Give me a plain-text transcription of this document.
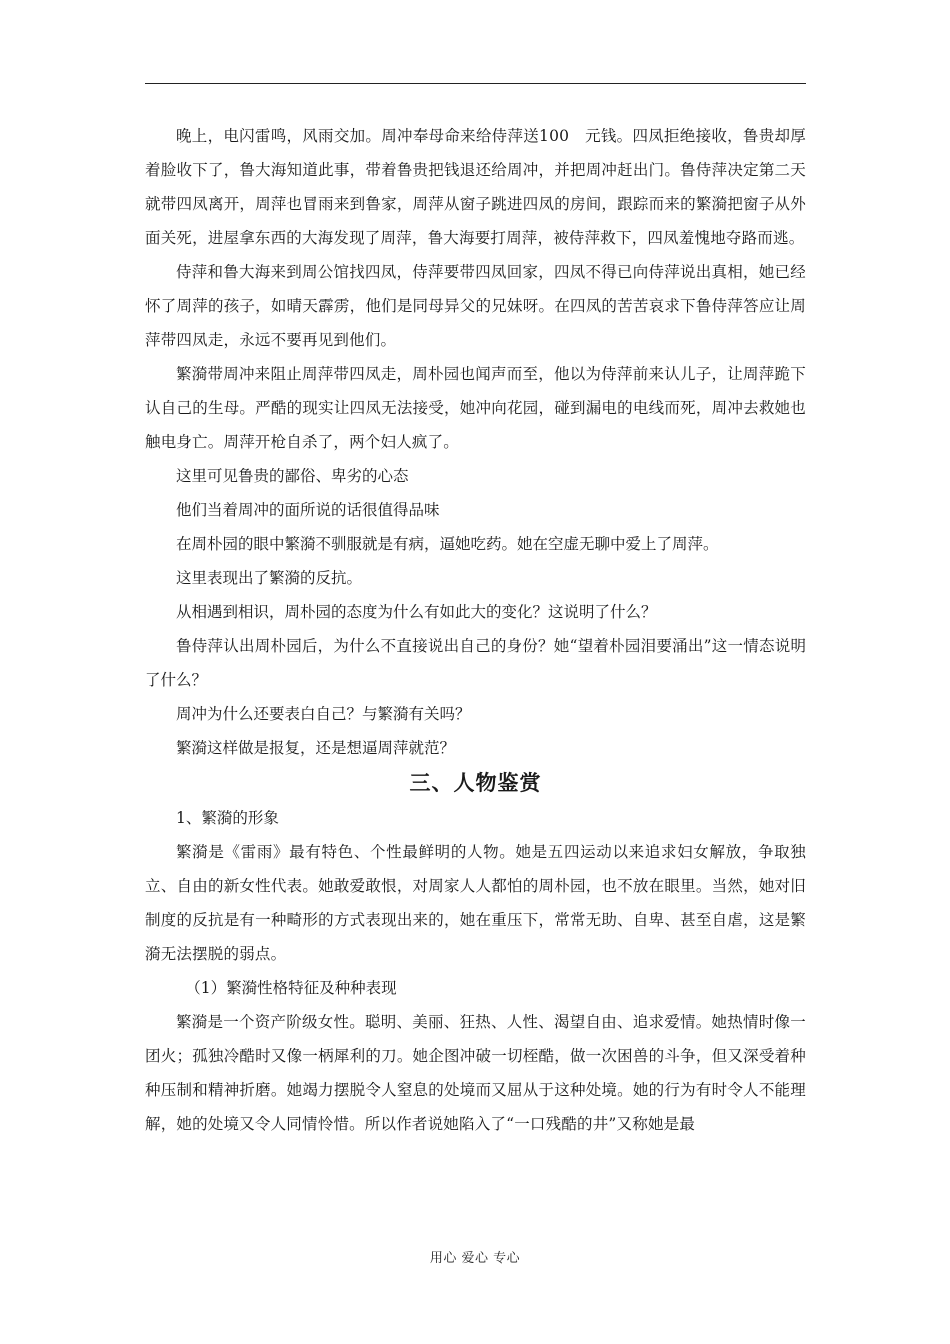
晚上，电闪雷鸣，风雨交加。周冲奉母命来给侍萍送100　元钱。四凤拒绝接收，鲁贵却厚着脸收下了，鲁大海知道此事，带着鲁贵把钱退还给周冲，并把周冲赶出门。鲁侍萍决定第二天就带四凤离开，周萍也冒雨来到鲁家，周萍从窗子跳进四凤的房间，跟踪而来的繁漪把窗子从外面关死，进屋拿东西的大海发现了周萍，鲁大海要打周萍，被侍萍救下，四凤羞愧地夺路而逃。

侍萍和鲁大海来到周公馆找四凤，侍萍要带四凤回家，四凤不得已向侍萍说出真相，她已经怀了周萍的孩子，如晴天霹雳，他们是同母异父的兄妹呀。在四凤的苦苦哀求下鲁侍萍答应让周萍带四凤走，永远不要再见到他们。

繁漪带周冲来阻止周萍带四凤走，周朴园也闻声而至，他以为侍萍前来认儿子，让周萍跪下认自己的生母。严酷的现实让四凤无法接受，她冲向花园，碰到漏电的电线而死，周冲去救她也触电身亡。周萍开枪自杀了，两个妇人疯了。

这里可见鲁贵的鄙俗、卑劣的心态

他们当着周冲的面所说的话很值得品味

在周朴园的眼中繁漪不驯服就是有病，逼她吃药。她在空虚无聊中爱上了周萍。

这里表现出了繁漪的反抗。

从相遇到相识，周朴园的态度为什么有如此大的变化？这说明了什么？

鲁侍萍认出周朴园后，为什么不直接说出自己的身份？她“望着朴园泪要涌出”这一情态说明了什么？

周冲为什么还要表白自己？与繁漪有关吗？

繁漪这样做是报复，还是想逼周萍就范？

三、人物鉴赏

1、繁漪的形象

繁漪是《雷雨》最有特色、个性最鲜明的人物。她是五四运动以来追求妇女解放，争取独立、自由的新女性代表。她敢爱敢恨，对周家人人都怕的周朴园，也不放在眼里。当然，她对旧制度的反抗是有一种畸形的方式表现出来的，她在重压下，常常无助、自卑、甚至自虐，这是繁漪无法摆脱的弱点。

（1）繁漪性格特征及种种表现

繁漪是一个资产阶级女性。聪明、美丽、狂热、人性、渴望自由、追求爱情。她热情时像一团火；孤独冷酷时又像一柄犀利的刀。她企图冲破一切桎酷，做一次困兽的斗争，但又深受着种种压制和精神折磨。她竭力摆脱令人窒息的处境而又屈从于这种处境。她的行为有时令人不能理解，她的处境又令人同情怜惜。所以作者说她陷入了“一口残酷的井”又称她是最

用心 爱心 专心
